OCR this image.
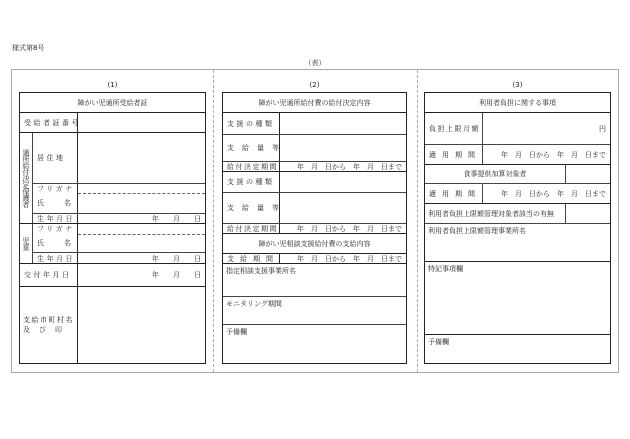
様式第8号
（表）
(1)
障がい児通所受給者証
受給者証番号
通所給付決定保護者	居住地
フリガナ
氏名
生年月日	年　　月　　日
児童
フリガナ
氏名
生年月日	年　　月　　日
交付年月日	年　　月　　日
支給市町村名
及　び　印
(2)
障がい児通所給付費の給付決定内容
支援の種類
支給量等
給付決定期間	年　月　日から　年　月　日まで
支援の種類
支給量等
給付決定期間	年　月　日から　年　月　日まで
障がい児相談支援給付費の支給内容
支給期間	年　月　日から　年　月　日まで
指定相談支援事業所名
モニタリング期間
予備欄
(3)
利用者負担に関する事項
負担上限月額	円
適用期間	年　月　日から　年　月　日まで
食事提供加算対象者
適用期間	年　月　日から　年　月　日まで
利用者負担上限額管理対象者該当の有無
利用者負担上限額管理事業所名
特記事項欄
予備欄
